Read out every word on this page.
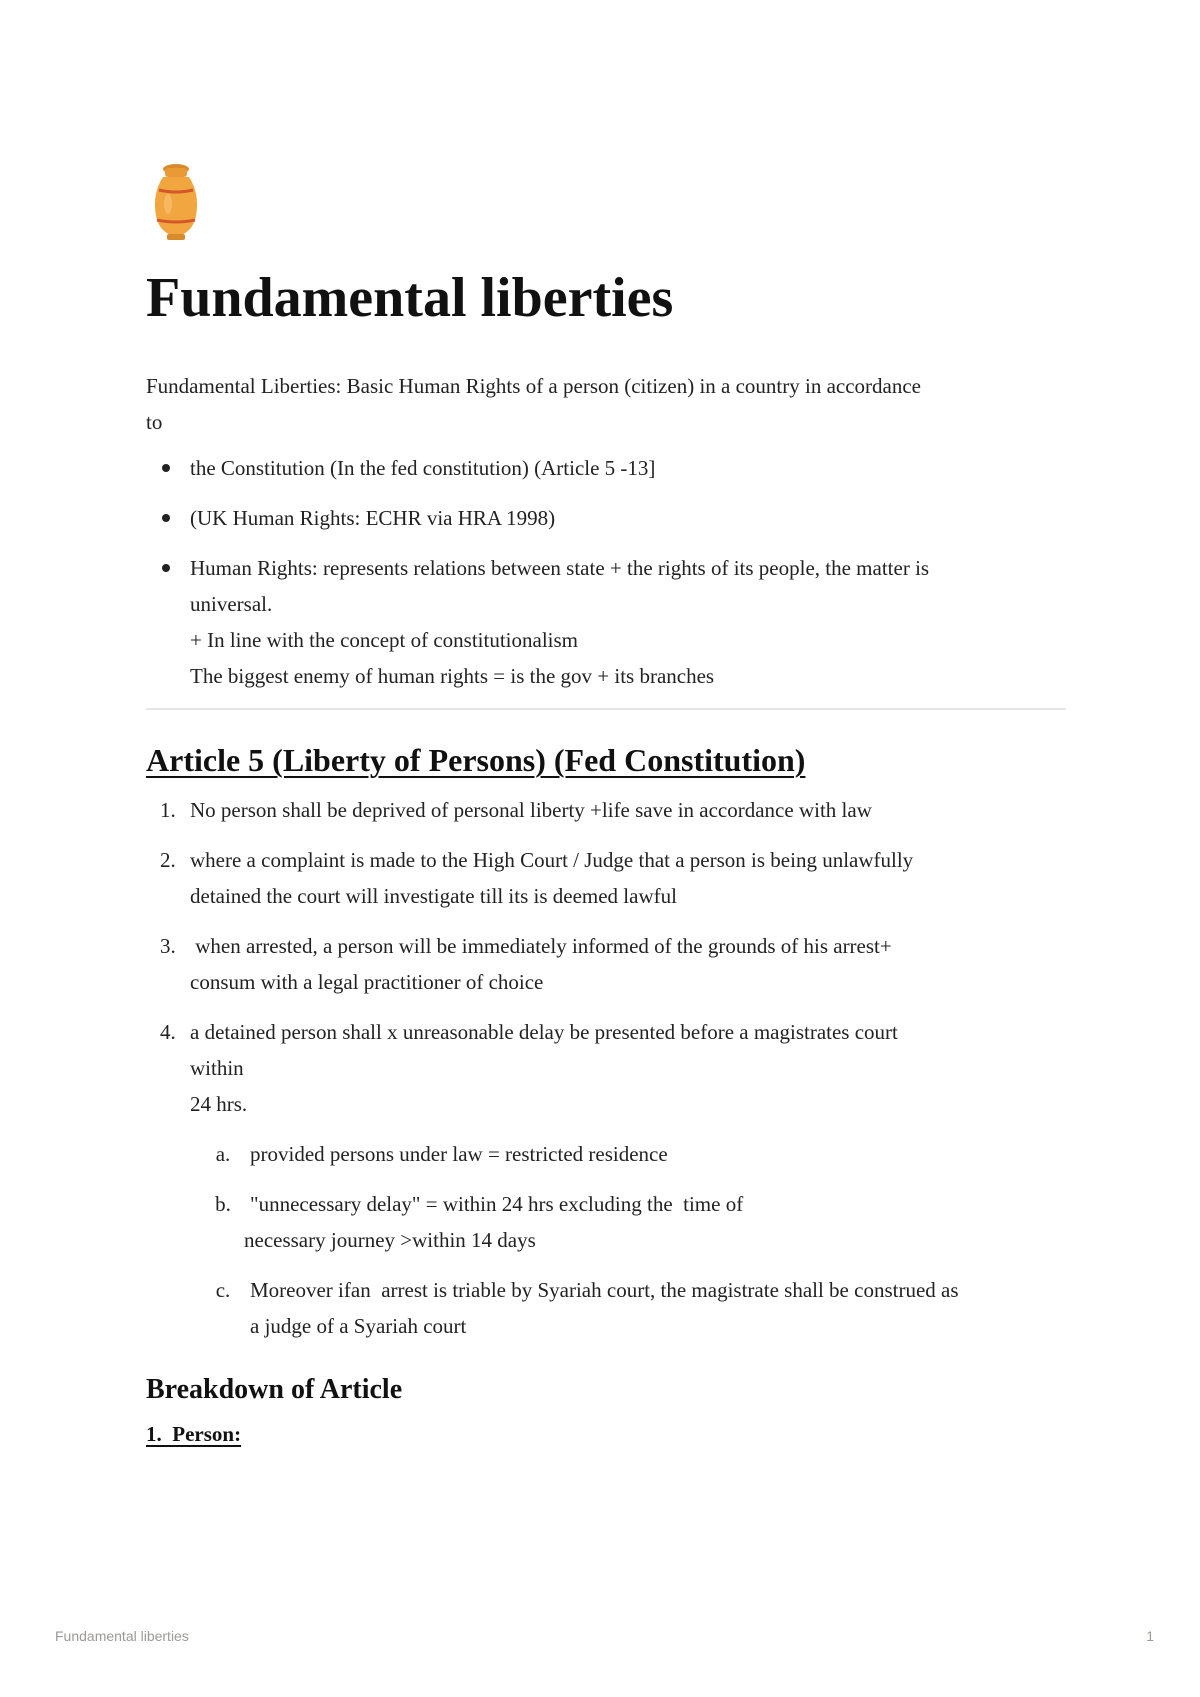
Fundamental liberties

Fundamental Liberties: Basic Human Rights of a person (citizen) in a country in accordance
to

the Constitution (In the fed constitution) (Article 5 -13]
(UK Human Rights: ECHR via HRA 1998)
Human Rights: represents relations between state + the rights of its people, the matter is
universal.
+ In line with the concept of constitutionalism
The biggest enemy of human rights = is the gov + its branches
Article 5 (Liberty of Persons) (Fed Constitution)
1. No person shall be deprived of personal liberty +life save in accordance with law
2. where a complaint is made to the High Court / Judge that a person is being unlawfully
detained the court will investigate till its is deemed lawful
3. when arrested, a person will be immediately informed of the grounds of his arrest+
consum with a legal practitioner of choice
4. a detained person shall x unreasonable delay be presented before a magistrates court
within
24 hrs.
a. provided persons under law = restricted residence
b. "unnecessary delay" = within 24 hrs excluding the  time of
necessary journey >within 14 days
c. Moreover ifan  arrest is triable by Syariah court, the magistrate shall be construed as
a judge of a Syariah court
Breakdown of Article
1.  Person:
Fundamental liberties	1
